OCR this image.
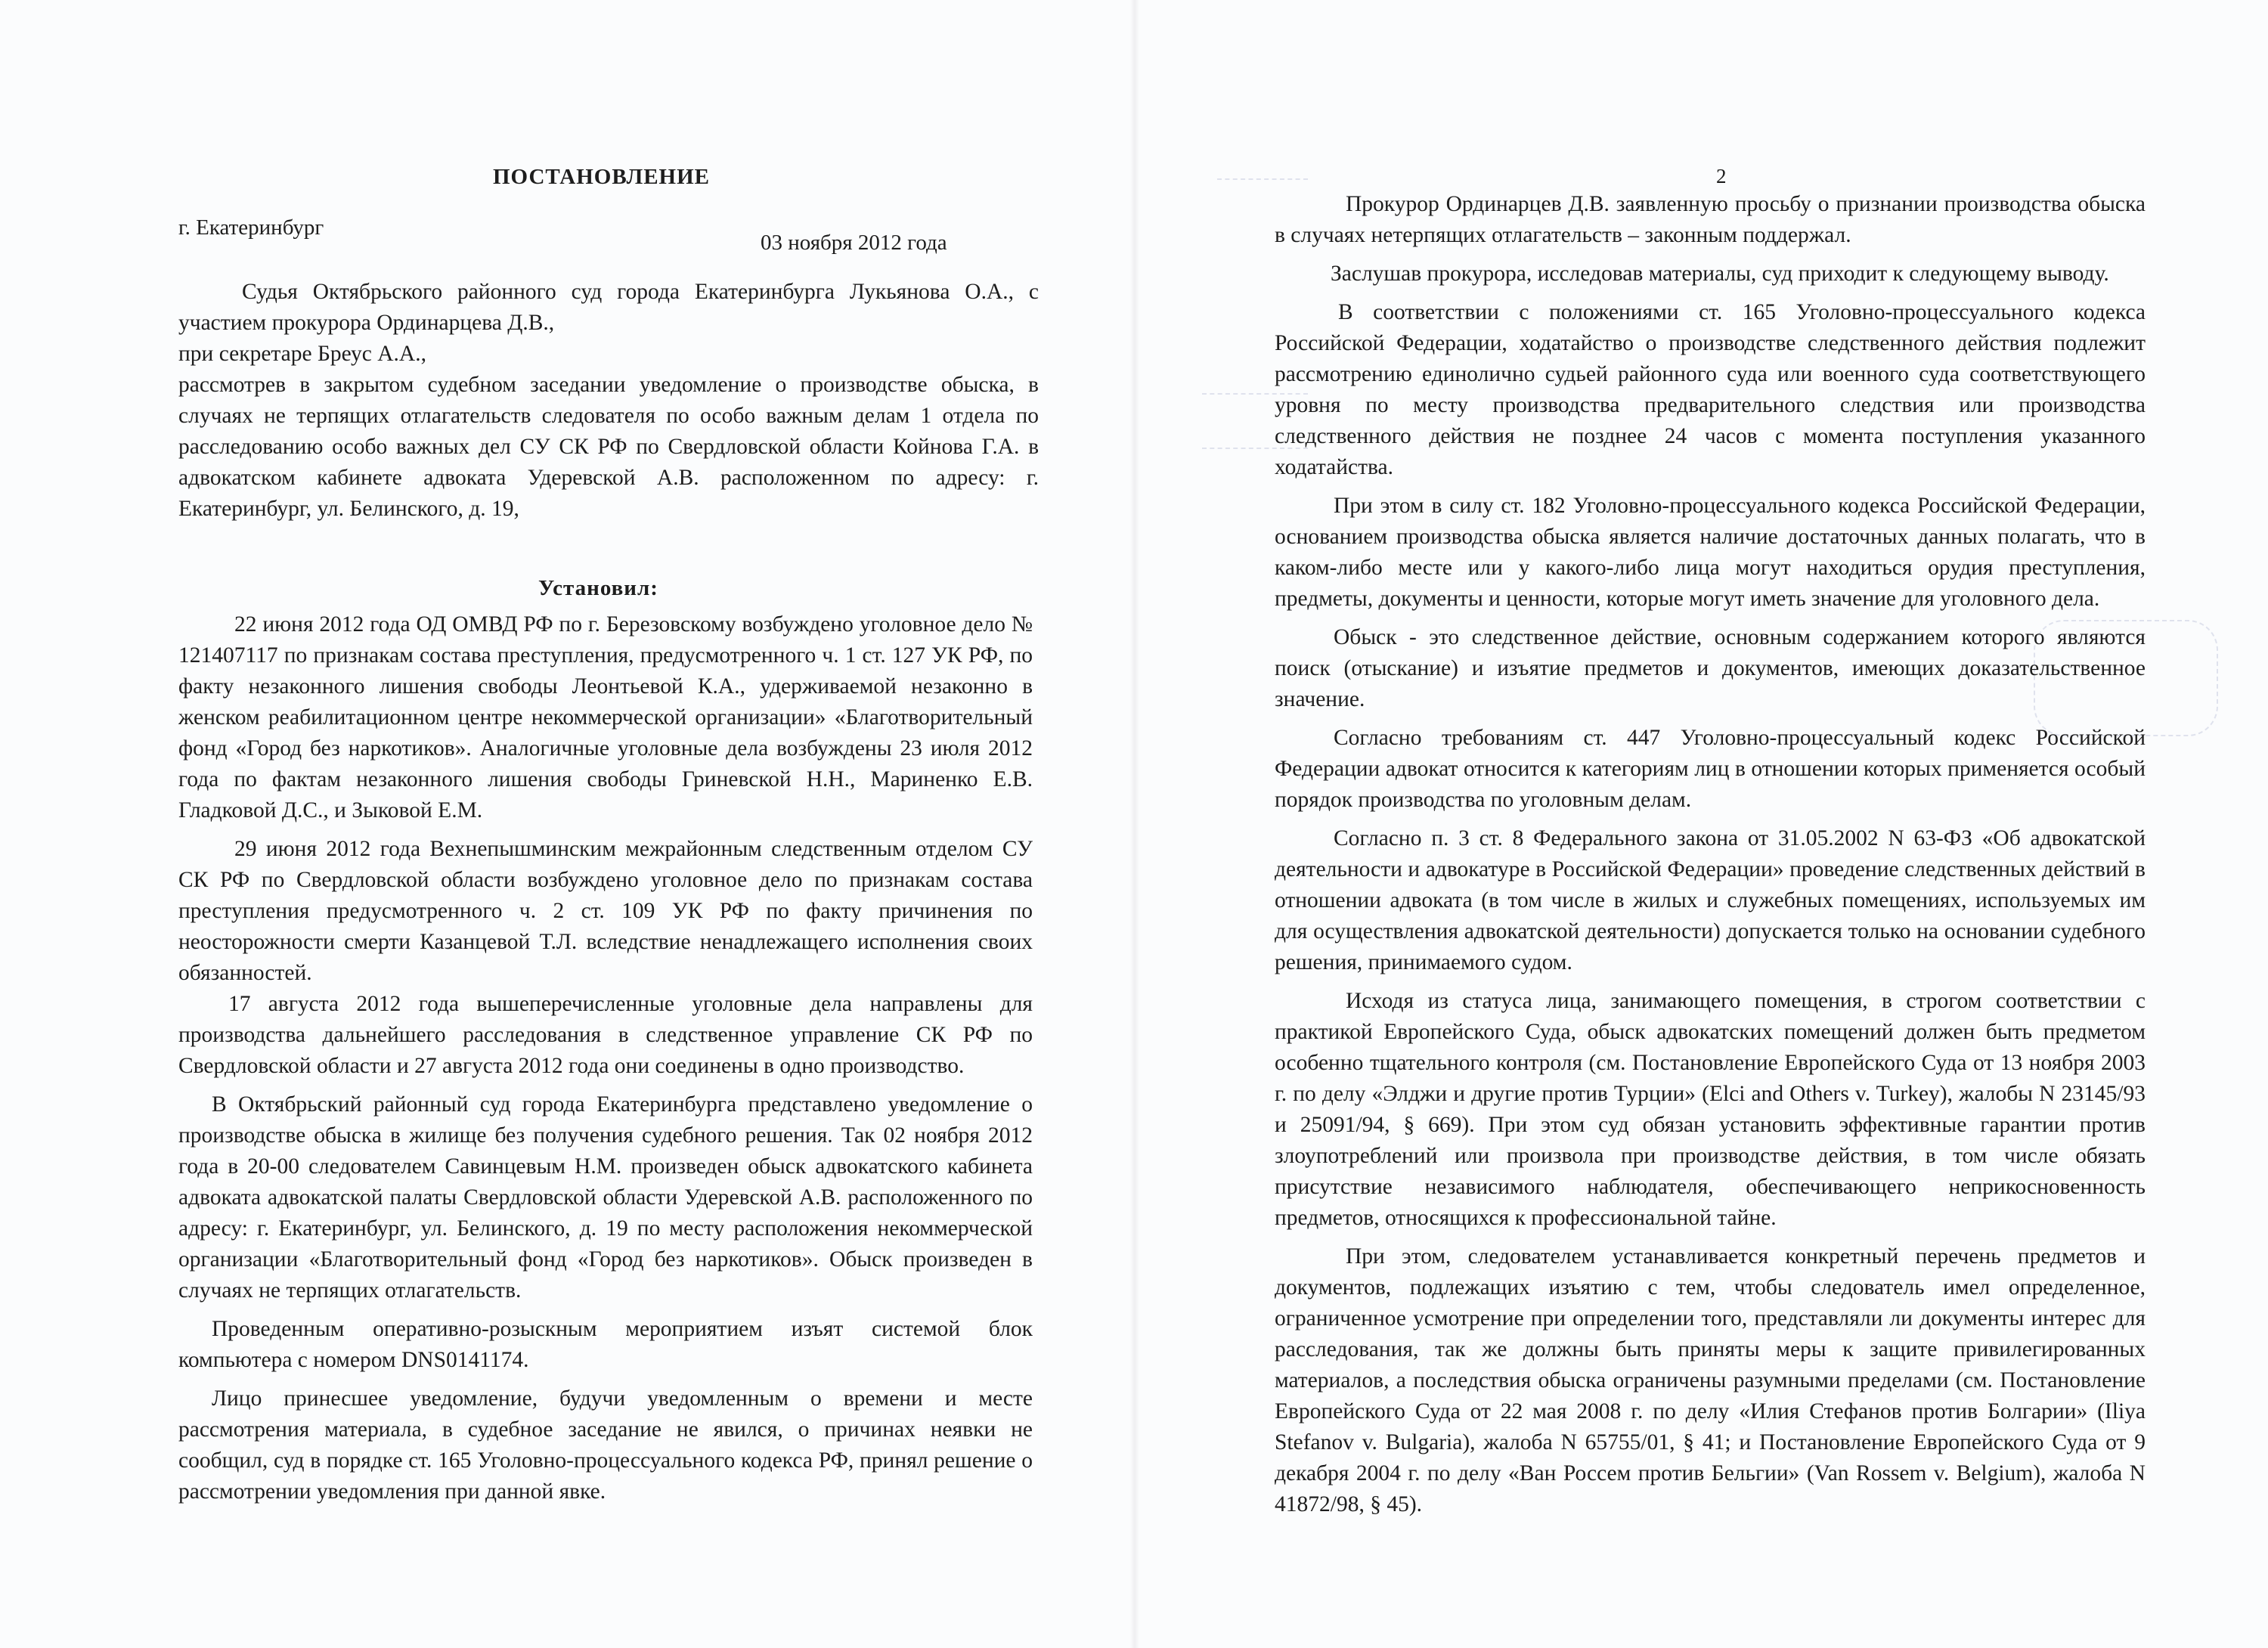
ПОСТАНОВЛЕНИЕ
г. Екатеринбург
03 ноября 2012 года

Судья Октябрьского районного суд города Екатеринбурга Лукьянова О.А., с участием прокурора Ординарцева Д.В.,

при секретаре Бреус А.А.,

рассмотрев в закрытом судебном заседании уведомление о производстве обыска, в случаях не терпящих отлагательств следователя по особо важным делам 1 отдела по расследованию особо важных дел СУ СК РФ по Свердловской области Койнова Г.А. в адвокатском кабинете адвоката Удеревской А.В. расположенном по адресу: г. Екатеринбург, ул. Белинского, д. 19,

Установил:

22 июня 2012 года ОД ОМВД РФ по г. Березовскому возбуждено уголовное дело № 121407117 по признакам состава преступления, предусмотренного ч. 1 ст. 127 УК РФ, по факту незаконного лишения свободы Леонтьевой К.А., удерживаемой незаконно в женском реабилитационном центре некоммерческой организации» «Благотворительный фонд «Город без наркотиков». Аналогичные уголовные дела возбуждены 23 июля 2012 года по фактам незаконного лишения свободы Гриневской Н.Н., Мариненко Е.В. Гладковой Д.С., и Зыковой Е.М.

29 июня 2012 года Вехнепышминским межрайонным следственным отделом СУ СК РФ по Свердловской области возбуждено уголовное дело по признакам состава преступления предусмотренного ч. 2 ст. 109 УК РФ по факту причинения по неосторожности смерти Казанцевой Т.Л. вследствие ненадлежащего исполнения своих обязанностей.

17 августа 2012 года вышеперечисленные уголовные дела направлены для производства дальнейшего расследования в следственное управление СК РФ по Свердловской области и 27 августа 2012 года они соединены в одно производство.

В Октябрьский районный суд города Екатеринбурга представлено уведомление о производстве обыска в жилище без получения судебного решения. Так 02 ноября 2012 года в 20-00 следователем Савинцевым Н.М. произведен обыск адвокатского кабинета адвоката адвокатской палаты Свердловской области Удеревской А.В. расположенного по адресу: г. Екатеринбург, ул. Белинского, д. 19 по месту расположения некоммерческой организации «Благотворительный фонд «Город без наркотиков». Обыск произведен в случаях не терпящих отлагательств.

Проведенным оперативно-розыскным мероприятием изъят системой блок компьютера с номером DNS0141174.

Лицо принесшее уведомление, будучи уведомленным о времени и месте рассмотрения материала, в судебное заседание не явился, о причинах неявки не сообщил, суд в порядке ст. 165 Уголовно-процессуального кодекса РФ, принял решение о рассмотрении уведомления при данной явке.

2

Прокурор Ординарцев Д.В. заявленную просьбу о признании производства обыска в случаях нетерпящих отлагательств – законным поддержал.

Заслушав прокурора, исследовав материалы, суд приходит к следующему выводу.

В соответствии с положениями ст. 165 Уголовно-процессуального кодекса Российской Федерации, ходатайство о производстве следственного действия подлежит рассмотрению единолично судьей районного суда или военного суда соответствующего уровня по месту производства предварительного следствия или производства следственного действия не позднее 24 часов с момента поступления указанного ходатайства.

При этом в силу ст. 182 Уголовно-процессуального кодекса Российской Федерации, основанием производства обыска является наличие достаточных данных полагать, что в каком-либо месте или у какого-либо лица могут находиться орудия преступления, предметы, документы и ценности, которые могут иметь значение для уголовного дела.

Обыск - это следственное действие, основным содержанием которого являются поиск (отыскание) и изъятие предметов и документов, имеющих доказательственное значение.

Согласно требованиям ст. 447 Уголовно-процессуальный кодекс Российской Федерации адвокат относится к категориям лиц в отношении которых применяется особый порядок производства по уголовным делам.

Согласно п. 3 ст. 8 Федерального закона от 31.05.2002 N 63-ФЗ «Об адвокатской деятельности и адвокатуре в Российской Федерации» проведение следственных действий в отношении адвоката (в том числе в жилых и служебных помещениях, используемых им для осуществления адвокатской деятельности) допускается только на основании судебного решения, принимаемого судом.

Исходя из статуса лица, занимающего помещения, в строгом соответствии с практикой Европейского Суда, обыск адвокатских помещений должен быть предметом особенно тщательного контроля (см. Постановление Европейского Суда от 13 ноября 2003 г. по делу «Элджи и другие против Турции» (Elci and Others v. Turkey), жалобы N 23145/93 и 25091/94, § 669). При этом суд обязан установить эффективные гарантии против злоупотреблений или произвола при производстве действия, в том числе обязать присутствие независимого наблюдателя, обеспечивающего неприкосновенность предметов, относящихся к профессиональной тайне.

При этом, следователем устанавливается конкретный перечень предметов и документов, подлежащих изъятию с тем, чтобы следователь имел определенное, ограниченное усмотрение при определении того, представляли ли документы интерес для расследования, так же должны быть приняты меры к защите привилегированных материалов, а последствия обыска ограничены разумными пределами (см. Постановление Европейского Суда от 22 мая 2008 г. по делу «Илия Стефанов против Болгарии» (Iliya Stefanov v. Bulgaria), жалоба N 65755/01, § 41; и Постановление Европейского Суда от 9 декабря 2004 г. по делу «Ван Россем против Бельгии» (Van Rossem v. Belgium), жалоба N 41872/98, § 45).
